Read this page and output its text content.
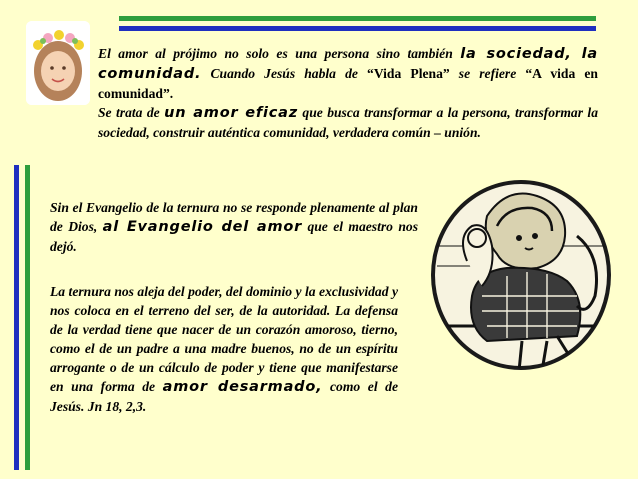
El amor al prójimo no solo es una persona sino también la sociedad, la comunidad. Cuando Jesús habla de “Vida Plena” se refiere “A vida en comunidad”.
Se trata de un amor eficaz que busca transformar a la persona, transformar la sociedad, construir auténtica comunidad, verdadera común – unión.
Sin el Evangelio de la ternura no se responde plenamente al plan de Dios, al Evangelio del amor que el maestro nos dejó.
La ternura nos aleja del poder, del dominio y la exclusividad y nos coloca en el terreno del ser, de la autoridad. La defensa de la verdad tiene que nacer de un corazón amoroso, tierno, como el de un padre a una madre buenos, no de un espíritu arrogante o de un cálculo de poder y tiene que manifestarse en una forma de amor desarmado, como el de Jesús. Jn 18, 2,3.
